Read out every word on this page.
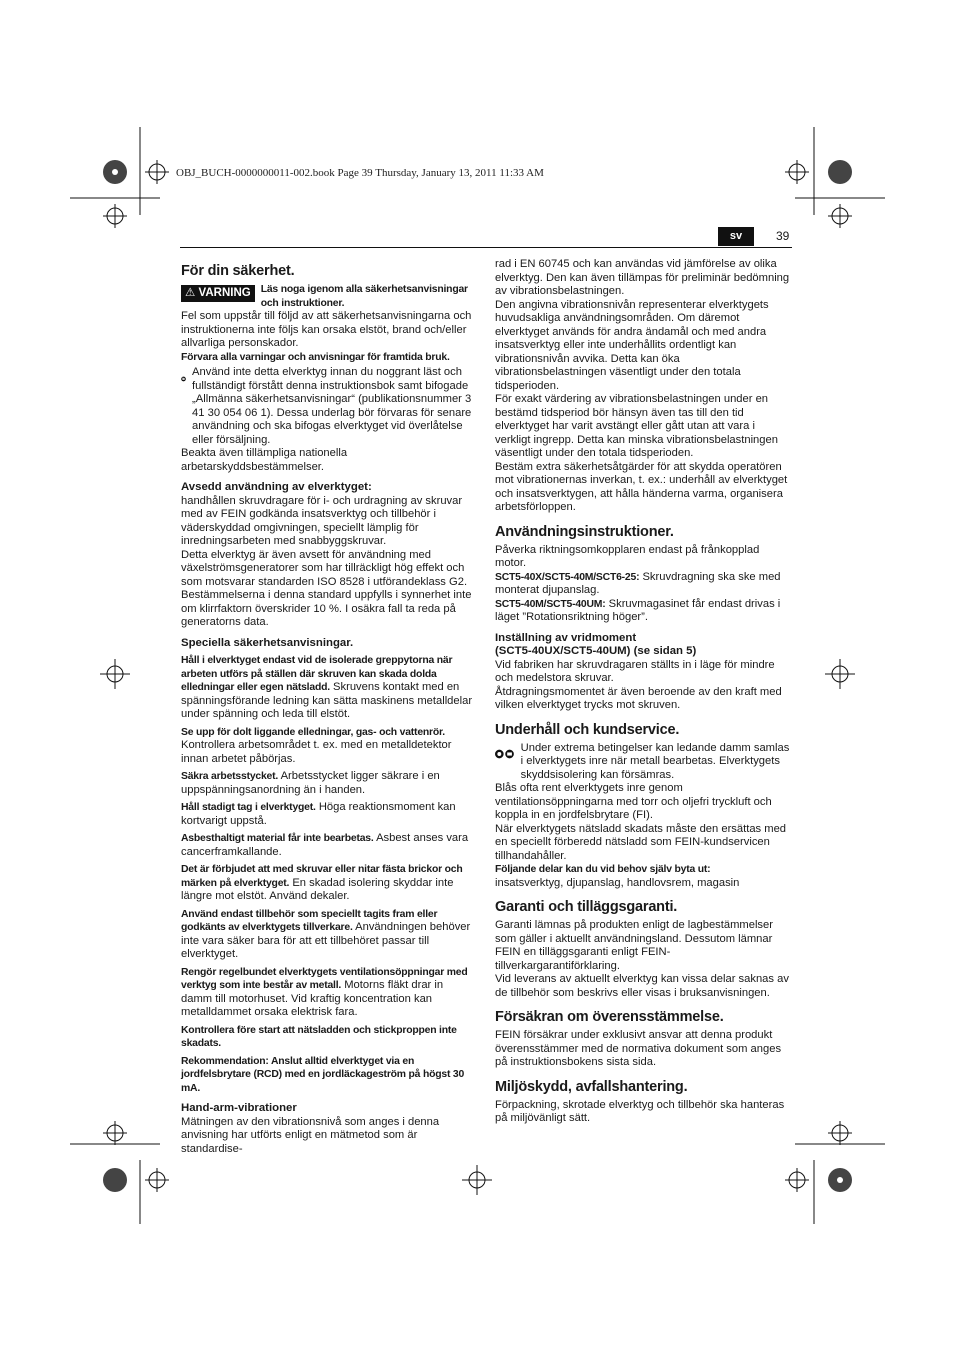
OBJ_BUCH-0000000011-002.book Page 39 Thursday, January 13, 2011 11:33 AM
sv	39
För din säkerhet.
⚠ VARNING Läs noga igenom alla säkerhetsanvisningar och instruktioner.

Fel som uppstår till följd av att säkerhetsanvisningarna och instruktionerna inte följs kan orsaka elstöt, brand och/eller allvarliga personskador.

Förvara alla varningar och anvisningar för framtida bruk.

Använd inte detta elverktyg innan du noggrant läst och fullständigt förstått denna instruktionsbok samt bifogade „Allmänna säkerhetsanvisningar“ (publikationsnummer 3 41 30 054 06 1). Dessa underlag bör förvaras för senare användning och ska bifogas elverktyget vid överlåtelse eller försäljning.

Beakta även tillämpliga nationella arbetarskyddsbestämmelser.

Avsedd användning av elverktyget:

handhållen skruvdragare för i- och urdragning av skruvar med av FEIN godkända insatsverktyg och tillbehör i väderskyddad omgivningen, speciellt lämplig för inredningsarbeten med snabbyggskruvar.

Detta elverktyg är även avsett för användning med växelströmsgeneratorer som har tillräckligt hög effekt och som motsvarar standarden ISO 8528 i utförandeklass G2. Bestämmelserna i denna standard uppfylls i synnerhet inte om klirrfaktorn överskrider 10 %. I osäkra fall ta reda på generatorns data.

Speciella säkerhetsanvisningar.

Håll i elverktyget endast vid de isolerade greppytorna när arbeten utförs på ställen där skruven kan skada dolda elledningar eller egen nätsladd. Skruvens kontakt med en spänningsförande ledning kan sätta maskinens metalldelar under spänning och leda till elstöt.

Se upp för dolt liggande elledningar, gas- och vattenrör. Kontrollera arbetsområdet t. ex. med en metalldetektor innan arbetet påbörjas.

Säkra arbetsstycket. Arbetsstycket ligger säkrare i en uppspänningsanordning än i handen.

Håll stadigt tag i elverktyget. Höga reaktionsmoment kan kortvarigt uppstå.

Asbesthaltigt material får inte bearbetas. Asbest anses vara cancerframkallande.

Det är förbjudet att med skruvar eller nitar fästa brickor och märken på elverktyget. En skadad isolering skyddar inte längre mot elstöt. Använd dekaler.

Använd endast tillbehör som speciellt tagits fram eller godkänts av elverktygets tillverkare. Användningen behöver inte vara säker bara för att ett tillbehöret passar till elverktyget.

Rengör regelbundet elverktygets ventilationsöppningar med verktyg som inte består av metall. Motorns fläkt drar in damm till motorhuset. Vid kraftig koncentration kan metalldammet orsaka elektrisk fara.

Kontrollera före start att nätsladden och stickproppen inte skadats.

Rekommendation: Anslut alltid elverktyget via en jordfelsbrytare (RCD) med en jordläckageström på högst 30 mA.

Hand-arm-vibrationer

Mätningen av den vibrationsnivå som anges i denna anvisning har utförts enligt en mätmetod som är standardise-

rad i EN 60745 och kan användas vid jämförelse av olika elverktyg. Den kan även tillämpas för preliminär bedömning av vibrationsbelastningen.

Den angivna vibrationsnivån representerar elverktygets huvudsakliga användningsområden. Om däremot elverktyget används för andra ändamål och med andra insatsverktyg eller inte underhållits ordentligt kan vibrationsnivån avvika. Detta kan öka vibrationsbelastningen väsentligt under den totala tidsperioden.

För exakt värdering av vibrationsbelastningen under en bestämd tidsperiod bör hänsyn även tas till den tid elverktyget har varit avstängt eller gått utan att vara i verkligt ingrepp. Detta kan minska vibrationsbelastningen väsentligt under den totala tidsperioden.

Bestäm extra säkerhetsåtgärder för att skydda operatören mot vibrationernas inverkan, t. ex.: underhåll av elverktyget och insatsverktygen, att hålla händerna varma, organisera arbetsförloppen.

Användningsinstruktioner.

Påverka riktningsomkopplaren endast på frånkopplad motor.

SCT5-40X/SCT5-40M/SCT6-25: Skruvdragning ska ske med monterat djupanslag.

SCT5-40M/SCT5-40UM: Skruvmagasinet får endast drivas i läget ”Rotationsriktning höger”.

Inställning av vridmoment
(SCT5-40UX/SCT5-40UM) (se sidan 5)

Vid fabriken har skruvdragaren ställts in i läge för mindre och medelstora skruvar.

Åtdragningsmomentet är även beroende av den kraft med vilken elverktyget trycks mot skruven.

Underhåll och kundservice.

Under extrema betingelser kan ledande damm samlas i elverktygets inre när metall bearbetas. Elverktygets skyddsisolering kan försämras.

Blås ofta rent elverktygets inre genom ventilationsöppningarna med torr och oljefri tryckluft och koppla in en jordfelsbrytare (FI).

När elverktygets nätsladd skadats måste den ersättas med en speciellt förberedd nätsladd som FEIN-kundservicen tillhandahåller.

Följande delar kan du vid behov själv byta ut:

insatsverktyg, djupanslag, handlovsrem, magasin

Garanti och tilläggsgaranti.

Garanti lämnas på produkten enligt de lagbestämmelser som gäller i aktuellt användningsland. Dessutom lämnar FEIN en tilläggsgaranti enligt FEIN-tillverkargarantiförklaring.

Vid leverans av aktuellt elverktyg kan vissa delar saknas av de tillbehör som beskrivs eller visas i bruksanvisningen.

Försäkran om överensstämmelse.

FEIN försäkrar under exklusivt ansvar att denna produkt överensstämmer med de normativa dokument som anges på instruktionsbokens sista sida.

Miljöskydd, avfallshantering.

Förpackning, skrotade elverktyg och tillbehör ska hanteras på miljövänligt sätt.
